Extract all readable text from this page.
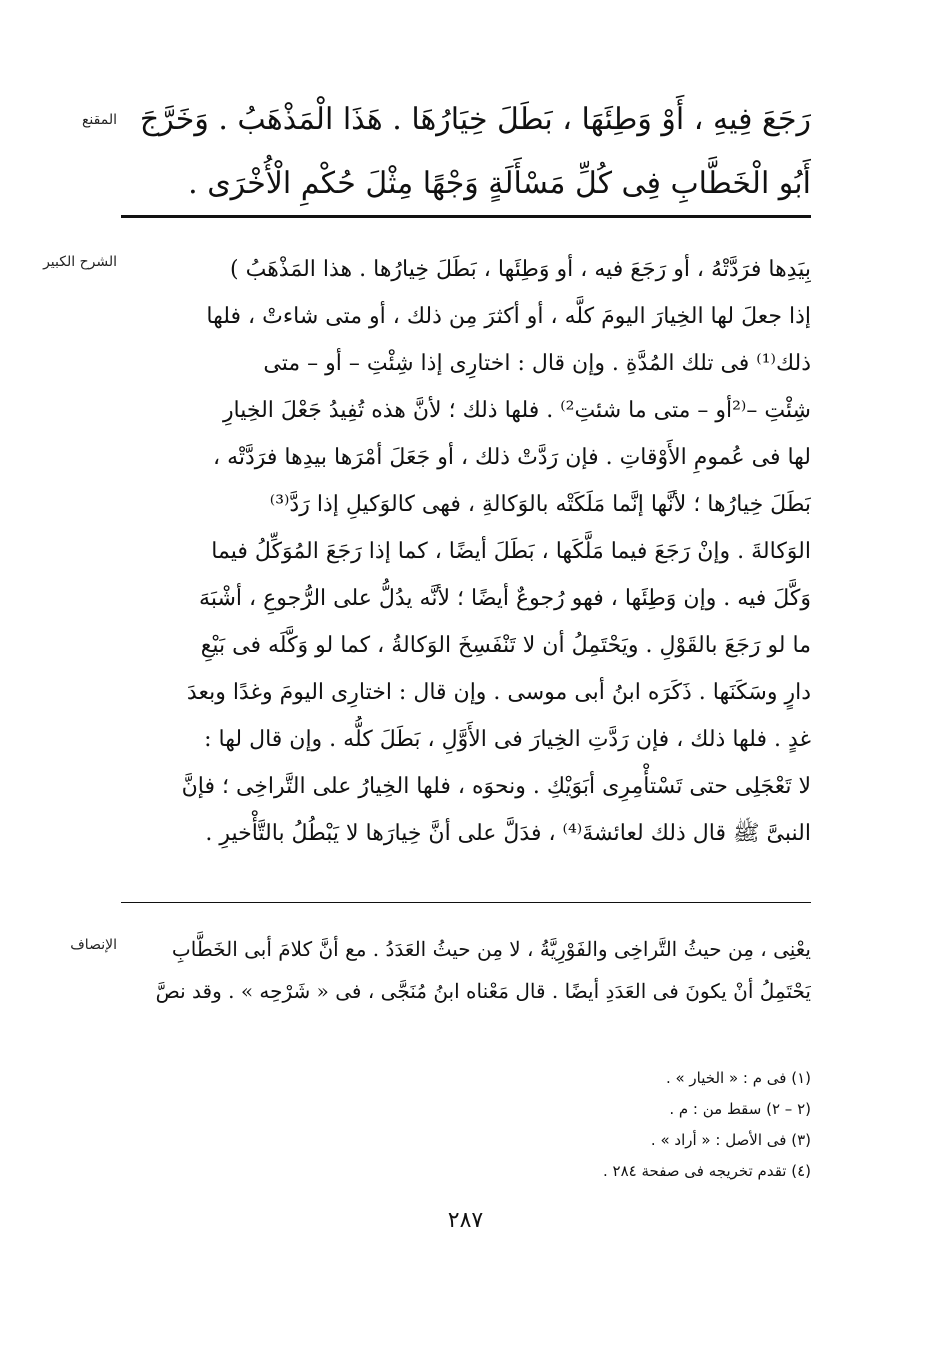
المقنع رَجَعَ فِيهِ ، أَوْ وَطِئَهَا ، بَطَلَ خِيَارُهَا . هَذَا الْمَذْهَبُ . وَخَرَّجَ
أَبُو الْخَطَّابِ فِى كُلِّ مَسْأَلَةٍ وَجْهًا مِثْلَ حُكْمِ الْأُخْرَى .
الشرح الكبير	بِيَدِها فرَدَّتْهُ ، أو رَجَعَ فيه ، أو وَطِئَها ، بَطَلَ خِيارُها . هذا المَذْهَبُ )
إذا جعلَ لها الخِيارَ اليومَ كلَّه ، أو أكثرَ مِن ذلك ، أو متى شاءتْ ، فلها
ذلك⁽¹⁾ فى تلك المُدَّةِ . وإن قال : اختارِى إذا شِئْتِ – أو – متى
شِئْتِ –⁽²أو – متى ما شئتِ²⁾ . فلها ذلك ؛ لأنَّ هذه تُفِيدُ جَعْلَ الخِيارِ
لها فى عُمومِ الأَوْقاتِ . فإن رَدَّتْ ذلك ، أو جَعَلَ أمْرَها بيدِها فرَدَّتْه ،
بَطَلَ خِيارُها ؛ لأنَّها إنَّما مَلَكَتْه بالوَكالةِ ، فهى كالوَكيلِ إذا رَدَّ⁽³⁾
الوَكالةَ . وإنْ رَجَعَ فيما مَلَّكَها ، بَطَلَ أيضًا ، كما إذا رَجَعَ المُوَكِّلُ فيما
وَكَّلَ فيه . وإن وَطِئَها ، فهو رُجوعٌ أيضًا ؛ لأنَّه يدُلُّ على الرُّجوعِ ، أشْبَهَ
ما لو رَجَعَ بالقَوْلِ . ويَحْتَمِلُ أن لا تَنْفَسِخَ الوَكالةُ ، كما لو وَكَّلَه فى بَيْعِ
دارٍ وسَكَنَها . ذَكَرَه ابنُ أبى موسى . وإن قال : اختارِى اليومَ وغدًا وبعدَ
غدٍ . فلها ذلك ، فإن رَدَّتِ الخِيارَ فى الأَوَّلِ ، بَطَلَ كلُّه . وإن قال لها :
لا تَعْجَلِى حتى تَسْتأْمِرِى أبَوَيْكِ . ونحوَه ، فلها الخِيارُ على التَّراخِى ؛ فإنَّ
النبىَّ ﷺ قال ذلك لعائشةَ⁽⁴⁾ ، فدَلَّ على أنَّ خِيارَها لا يَبْطُلُ بالتَّأْخيرِ .
الإنصاف	يعْنِى ، مِن حيثُ التَّراخِى والفَوْرِيَّةُ ، لا مِن حيثُ العَدَدُ . مع أنَّ كلامَ أبى الخَطَّابِ
يَحْتَمِلُ أنْ يكونَ فى العَدَدِ أيضًا . قال مَعْناه ابنُ مُنَجَّى ، فى « شَرْحِه » . وقد نصَّ
(١) فى م : « الخيار » .
(٢ – ٢) سقط من : م .
(٣) فى الأصل : « أراد » .
(٤) تقدم تخريجه فى صفحة ٢٨٤ .
٢٨٧
